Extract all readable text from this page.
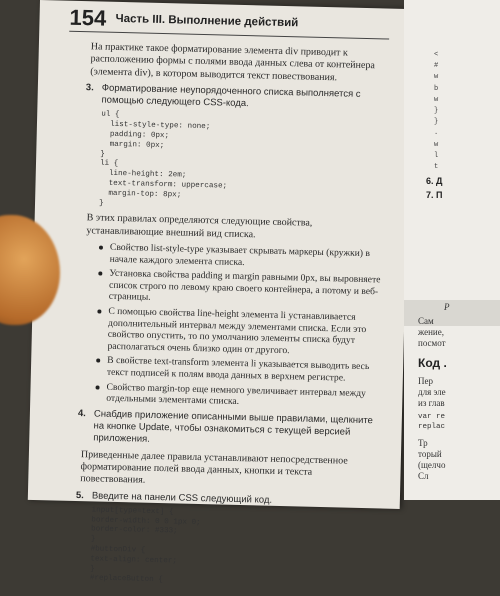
154 Часть III. Выполнение действий

На практике такое форматирование элемента div приводит к расположению формы с полями ввода данных слева от контейнера (элемента div), в котором выводится текст повествования.

3. Форматирование неупорядоченного списка выполняется с помощью следующего CSS-кода.
ul {
list-style-type: none;
padding: 0px;
margin: 0px;
}
li {
line-height: 2em;
text-transform: uppercase;
margin-top: 8px;
}

В этих правилах определяются следующие свойства, устанавливающие внешний вид списка.

Свойство list-style-type указывает скрывать маркеры (кружки) в начале каждого элемента списка.
Установка свойства padding и margin равными 0px, вы выровняете список строго по левому краю своего контейнера, а потому и веб-страницы.
С помощью свойства line-height элемента li устанавливается дополнительный интервал между элементами списка. Если это свойство опустить, то по умолчанию элементы списка будут располагаться очень близко один от другого.
В свойстве text-transform элемента li указывается выводить весь текст подписей к полям ввода данных в верхнем регистре.
Свойство margin-top еще немного увеличивает интервал между отдельными элементами списка.
4. Снабдив приложение описанными выше правилами, щелкните на кнопке Update, чтобы ознакомиться с текущей версией приложения.

Приведенные далее правила устанавливают непосредственное форматирование полей ввода данных, кнопки и текста повествования.

5. Введите на панели CSS следующий код.
input[type=text] {
border-width: 0 0 1px 0;
border-color: #333;
}
#buttonDiv {
text-align: center;
}
#replaceButton {
<
#
w
b
w
}
}
.
w
l
t
6. Д
7. П
Р
Сам
жение,
посмот
Код .
Пер
для эле
из глав
var re
replac
Тр
торый
(щелчо
Сл
